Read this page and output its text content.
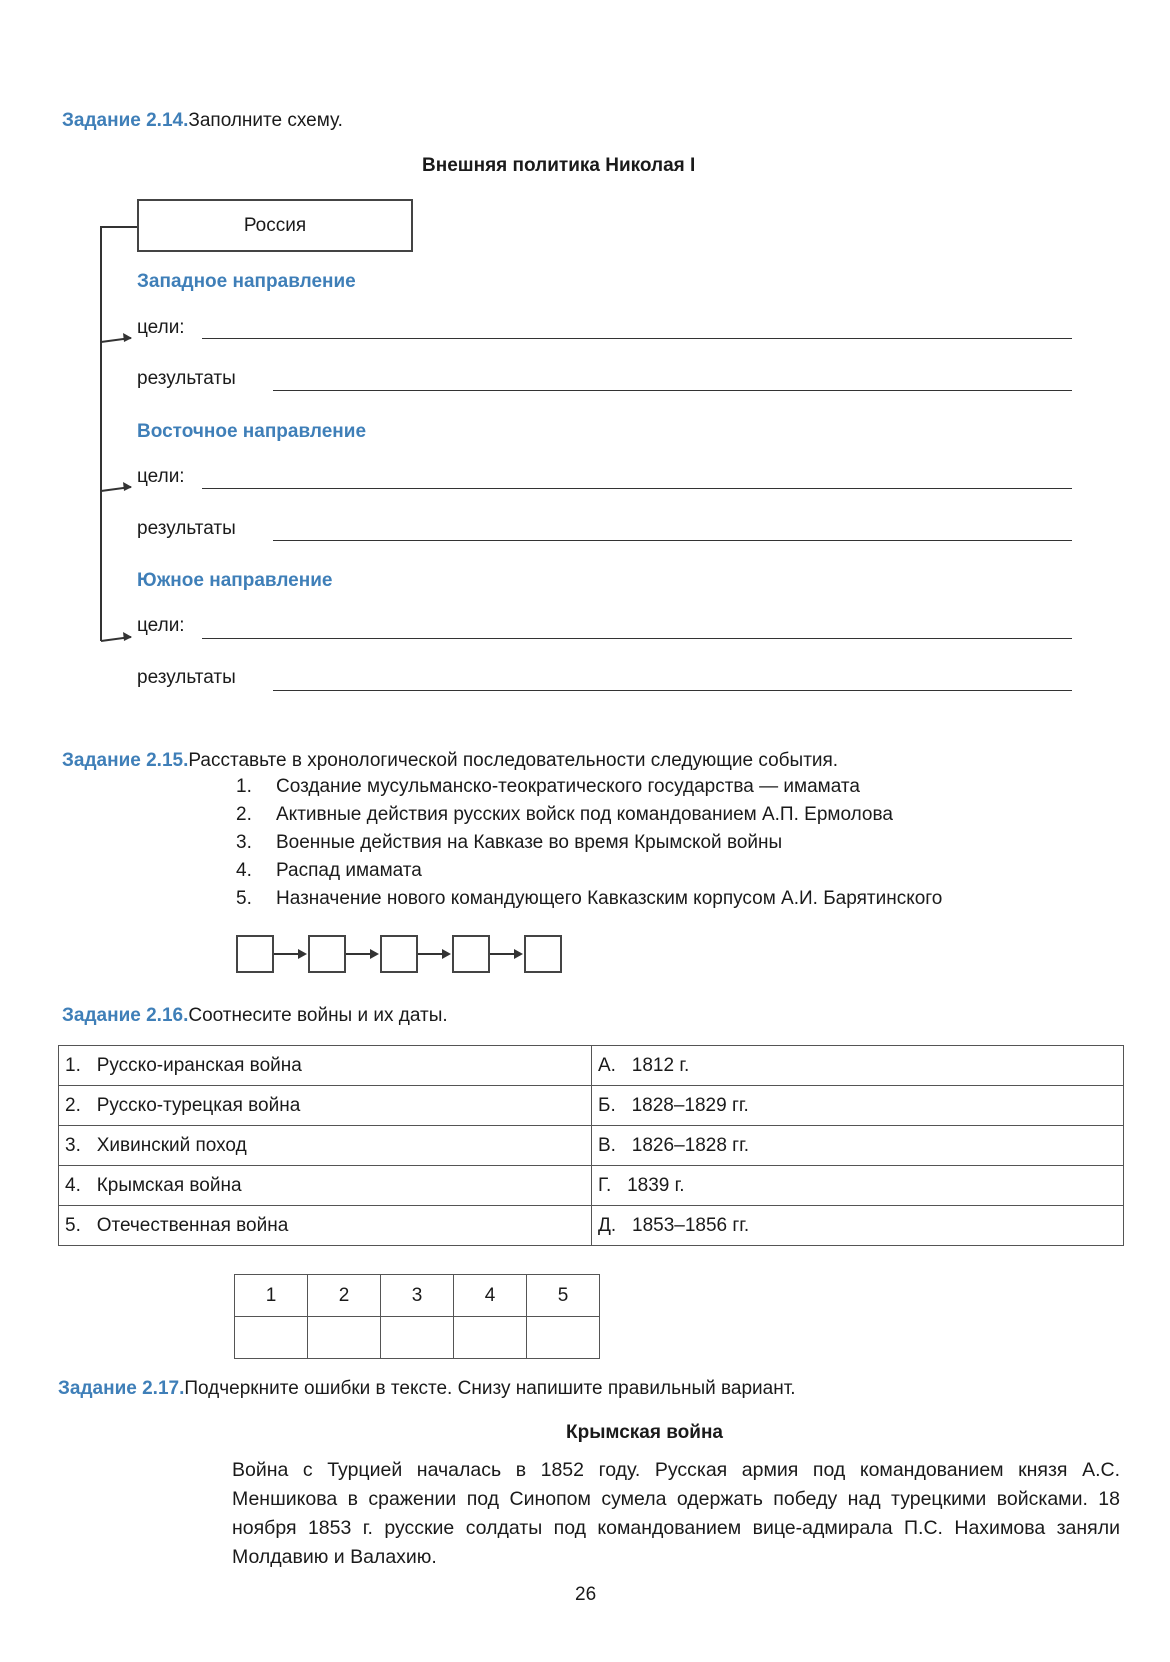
Задание 2.14.Заполните схему.
Внешняя политика Николая I
Россия
Западное направление
цели:
результаты
Восточное направление
цели:
результаты
Южное направление
цели:
результаты
Задание 2.15.Расставьте в хронологической последовательности следующие события.
1. Создание мусульманско-теократического государства — имамата
2. Активные действия русских войск под командованием А.П. Ермолова
3. Военные действия на Кавказе во время Крымской войны
4. Распад имамата
5. Назначение нового командующего Кавказским корпусом А.И. Барятинского
Задание 2.16.Соотнесите войны и их даты.
1. Русско-иранская война	А. 1812 г.
2. Русско-турецкая война	Б. 1828–1829 гг.
3. Хивинский поход	В. 1826–1828 гг.
4. Крымская война	Г. 1839 г.
5. Отечественная война	Д. 1853–1856 гг.
1	2	3	4	5

Задание 2.17.Подчеркните ошибки в тексте. Снизу напишите правильный вариант.
Крымская война
Война с Турцией началась в 1852 году. Русская армия под командованием князя А.С. Меншикова в сражении под Синопом сумела одержать победу над турецкими войсками. 18 ноября 1853 г. русские солдаты под командованием вице-адмирала П.С. Нахимова заняли Молдавию и Валахию.
26
